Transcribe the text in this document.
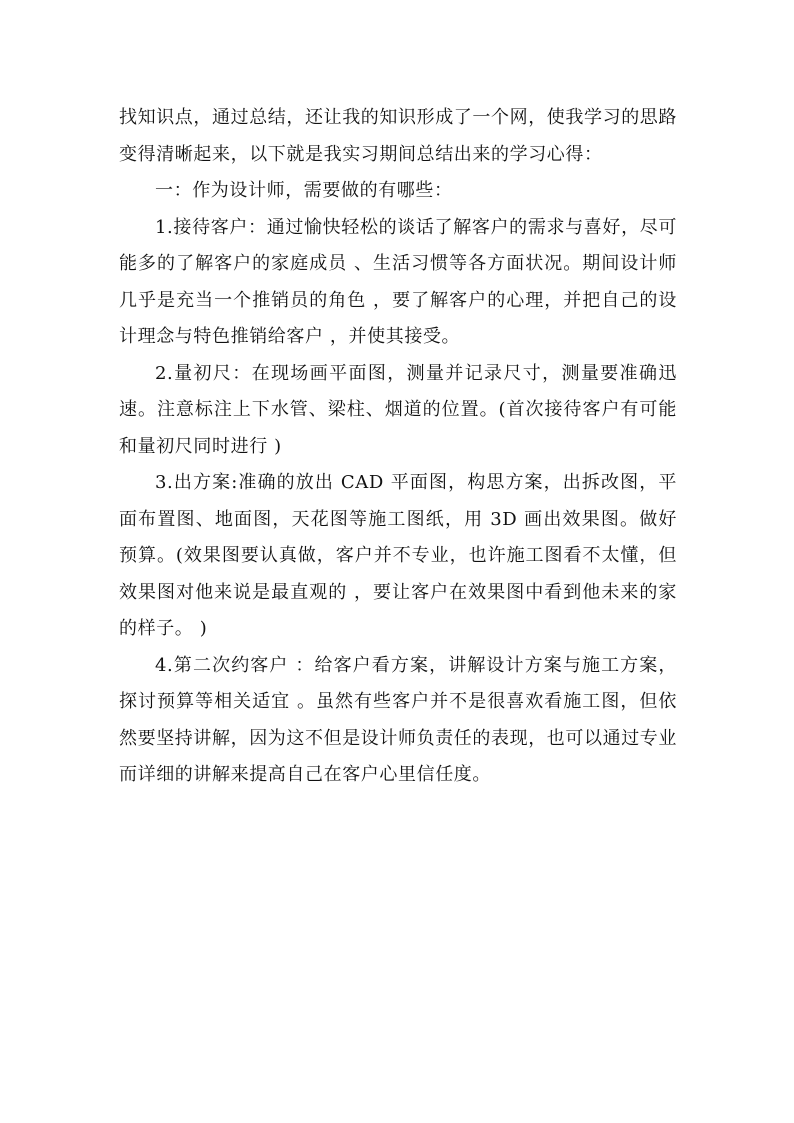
找知识点，通过总结，还让我的知识形成了一个网，使我学习的思路变得清晰起来，以下就是我实习期间总结出来的学习心得：

一：作为设计师，需要做的有哪些：

1.接待客户：通过愉快轻松的谈话了解客户的需求与喜好，尽可能多的了解客户的家庭成员 、生活习惯等各方面状况。期间设计师几乎是充当一个推销员的角色 ，要了解客户的心理，并把自己的设计理念与特色推销给客户 ，并使其接受。

2.量初尺：在现场画平面图，测量并记录尺寸，测量要准确迅速。注意标注上下水管、梁柱、烟道的位置。(首次接待客户有可能和量初尺同时进行 )

3.出方案:准确的放出 CAD 平面图，构思方案，出拆改图，平面布置图、地面图，天花图等施工图纸，用 3D 画出效果图。做好预算。(效果图要认真做，客户并不专业，也许施工图看不太懂，但效果图对他来说是最直观的 ，要让客户在效果图中看到他未来的家的样子。 )

4.第二次约客户 ：给客户看方案，讲解设计方案与施工方案，探讨预算等相关适宜 。虽然有些客户并不是很喜欢看施工图，但依然要坚持讲解，因为这不但是设计师负责任的表现，也可以通过专业而详细的讲解来提高自己在客户心里信任度。
